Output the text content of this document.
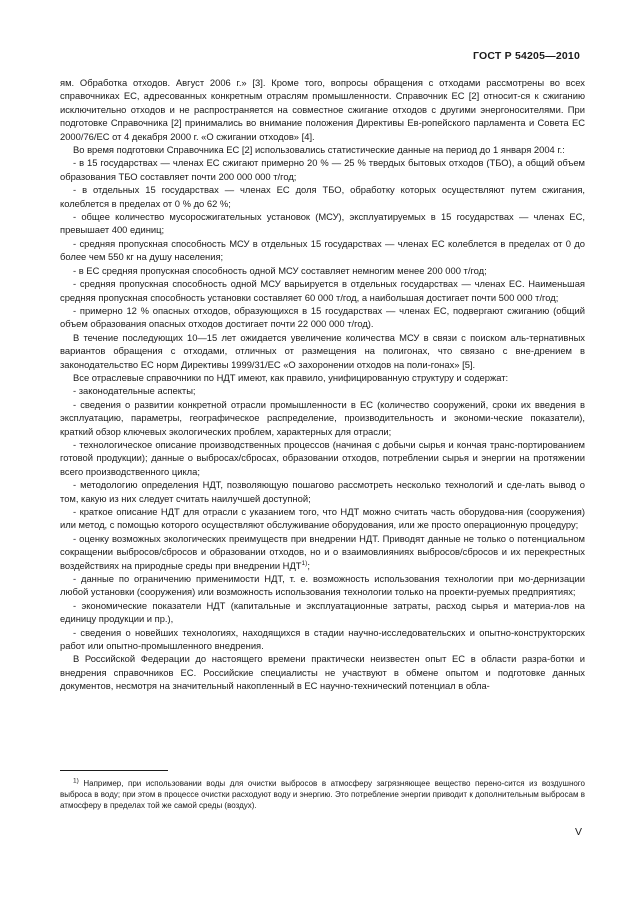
ГОСТ Р 54205—2010

ям. Обработка отходов. Август 2006 г.» [3]. Кроме того, вопросы обращения с отходами рассмотрены во всех справочниках ЕС, адресованных конкретным отраслям промышленности. Справочник ЕС [2] относит-ся к сжиганию исключительно отходов и не распространяется на совместное сжигание отходов с другими энергоносителями. При подготовке Справочника [2] принимались во внимание положения Директивы Ев-ропейского парламента и Совета ЕС 2000/76/ЕС от 4 декабря 2000 г. «О сжигании отходов» [4].

Во время подготовки Справочника ЕС [2] использовались статистические данные на период до 1 января 2004 г.:

- в 15 государствах — членах ЕС сжигают примерно 20 % — 25 % твердых бытовых отходов (ТБО), а общий объем образования ТБО составляет почти 200 000 000 т/год;

- в отдельных 15 государствах — членах ЕС доля ТБО, обработку которых осуществляют путем сжигания, колеблется в пределах от 0 % до 62 %;

- общее количество мусоросжигательных установок (МСУ), эксплуатируемых в 15 государствах — членах ЕС, превышает 400 единиц;

- средняя пропускная способность МСУ в отдельных 15 государствах — членах ЕС колеблется в пределах от 0 до более чем 550 кг на душу населения;

- в ЕС средняя пропускная способность одной МСУ составляет немногим менее 200 000 т/год;

- средняя пропускная способность одной МСУ варьируется в отдельных государствах — членах ЕС. Наименьшая средняя пропускная способность установки составляет 60 000 т/год, а наибольшая достигает почти 500 000 т/год;

- примерно 12 % опасных отходов, образующихся в 15 государствах — членах ЕС, подвергают сжиганию (общий объем образования опасных отходов достигает почти 22 000 000 т/год).

В течение последующих 10—15 лет ожидается увеличение количества МСУ в связи с поиском аль-тернативных вариантов обращения с отходами, отличных от размещения на полигонах, что связано с вне-дрением в законодательство ЕС норм Директивы 1999/31/ЕС «О захоронении отходов на поли-гонах» [5].

Все отраслевые справочники по НДТ имеют, как правило, унифицированную структуру и содержат:

- законодательные аспекты;

- сведения о развитии конкретной отрасли промышленности в ЕС (количество сооружений, сроки их введения в эксплуатацию, параметры, географическое распределение, производительность и экономи-ческие показатели), краткий обзор ключевых экологических проблем, характерных для отрасли;

- технологическое описание производственных процессов (начиная с добычи сырья и кончая транс-портированием готовой продукции); данные о выбросах/сбросах, образовании отходов, потреблении сырья и энергии на протяжении всего производственного цикла;

- методологию определения НДТ, позволяющую пошагово рассмотреть несколько технологий и сде-лать вывод о том, какую из них следует считать наилучшей доступной;

- краткое описание НДТ для отрасли с указанием того, что НДТ можно считать часть оборудова-ния (сооружения) или метод, с помощью которого осуществляют обслуживание оборудования, или же просто операционную процедуру;

- оценку возможных экологических преимуществ при внедрении НДТ. Приводят данные не только о потенциальном сокращении выбросов/сбросов и образовании отходов, но и о взаимовлияниях выбросов/сбросов и их перекрестных воздействиях на природные среды при внедрении НДТ$^{1)}$;

- данные по ограничению применимости НДТ, т. е. возможность использования технологии при мо-дернизации любой установки (сооружения) или возможность использования технологии только на проекти-руемых предприятиях;

- экономические показатели НДТ (капитальные и эксплуатационные затраты, расход сырья и материа-лов на единицу продукции и пр.),

- сведения о новейших технологиях, находящихся в стадии научно-исследовательских и опытно-конструкторских работ или опытно-промышленного внедрения.

В Российской Федерации до настоящего времени практически неизвестен опыт ЕС в области разра-ботки и внедрения справочников ЕС. Российские специалисты не участвуют в обмене опытом и подготовке данных документов, несмотря на значительный накопленный в ЕС научно-технический потенциал в обла-

$^{1)}$ Например, при использовании воды для очистки выбросов в атмосферу загрязняющее вещество перено-сится из воздушного выброса в воду; при этом в процессе очистки расходуют воду и энергию. Это потребление энергии приводит к дополнительным выбросам в атмосферу в пределах той же самой среды (воздух).
V
